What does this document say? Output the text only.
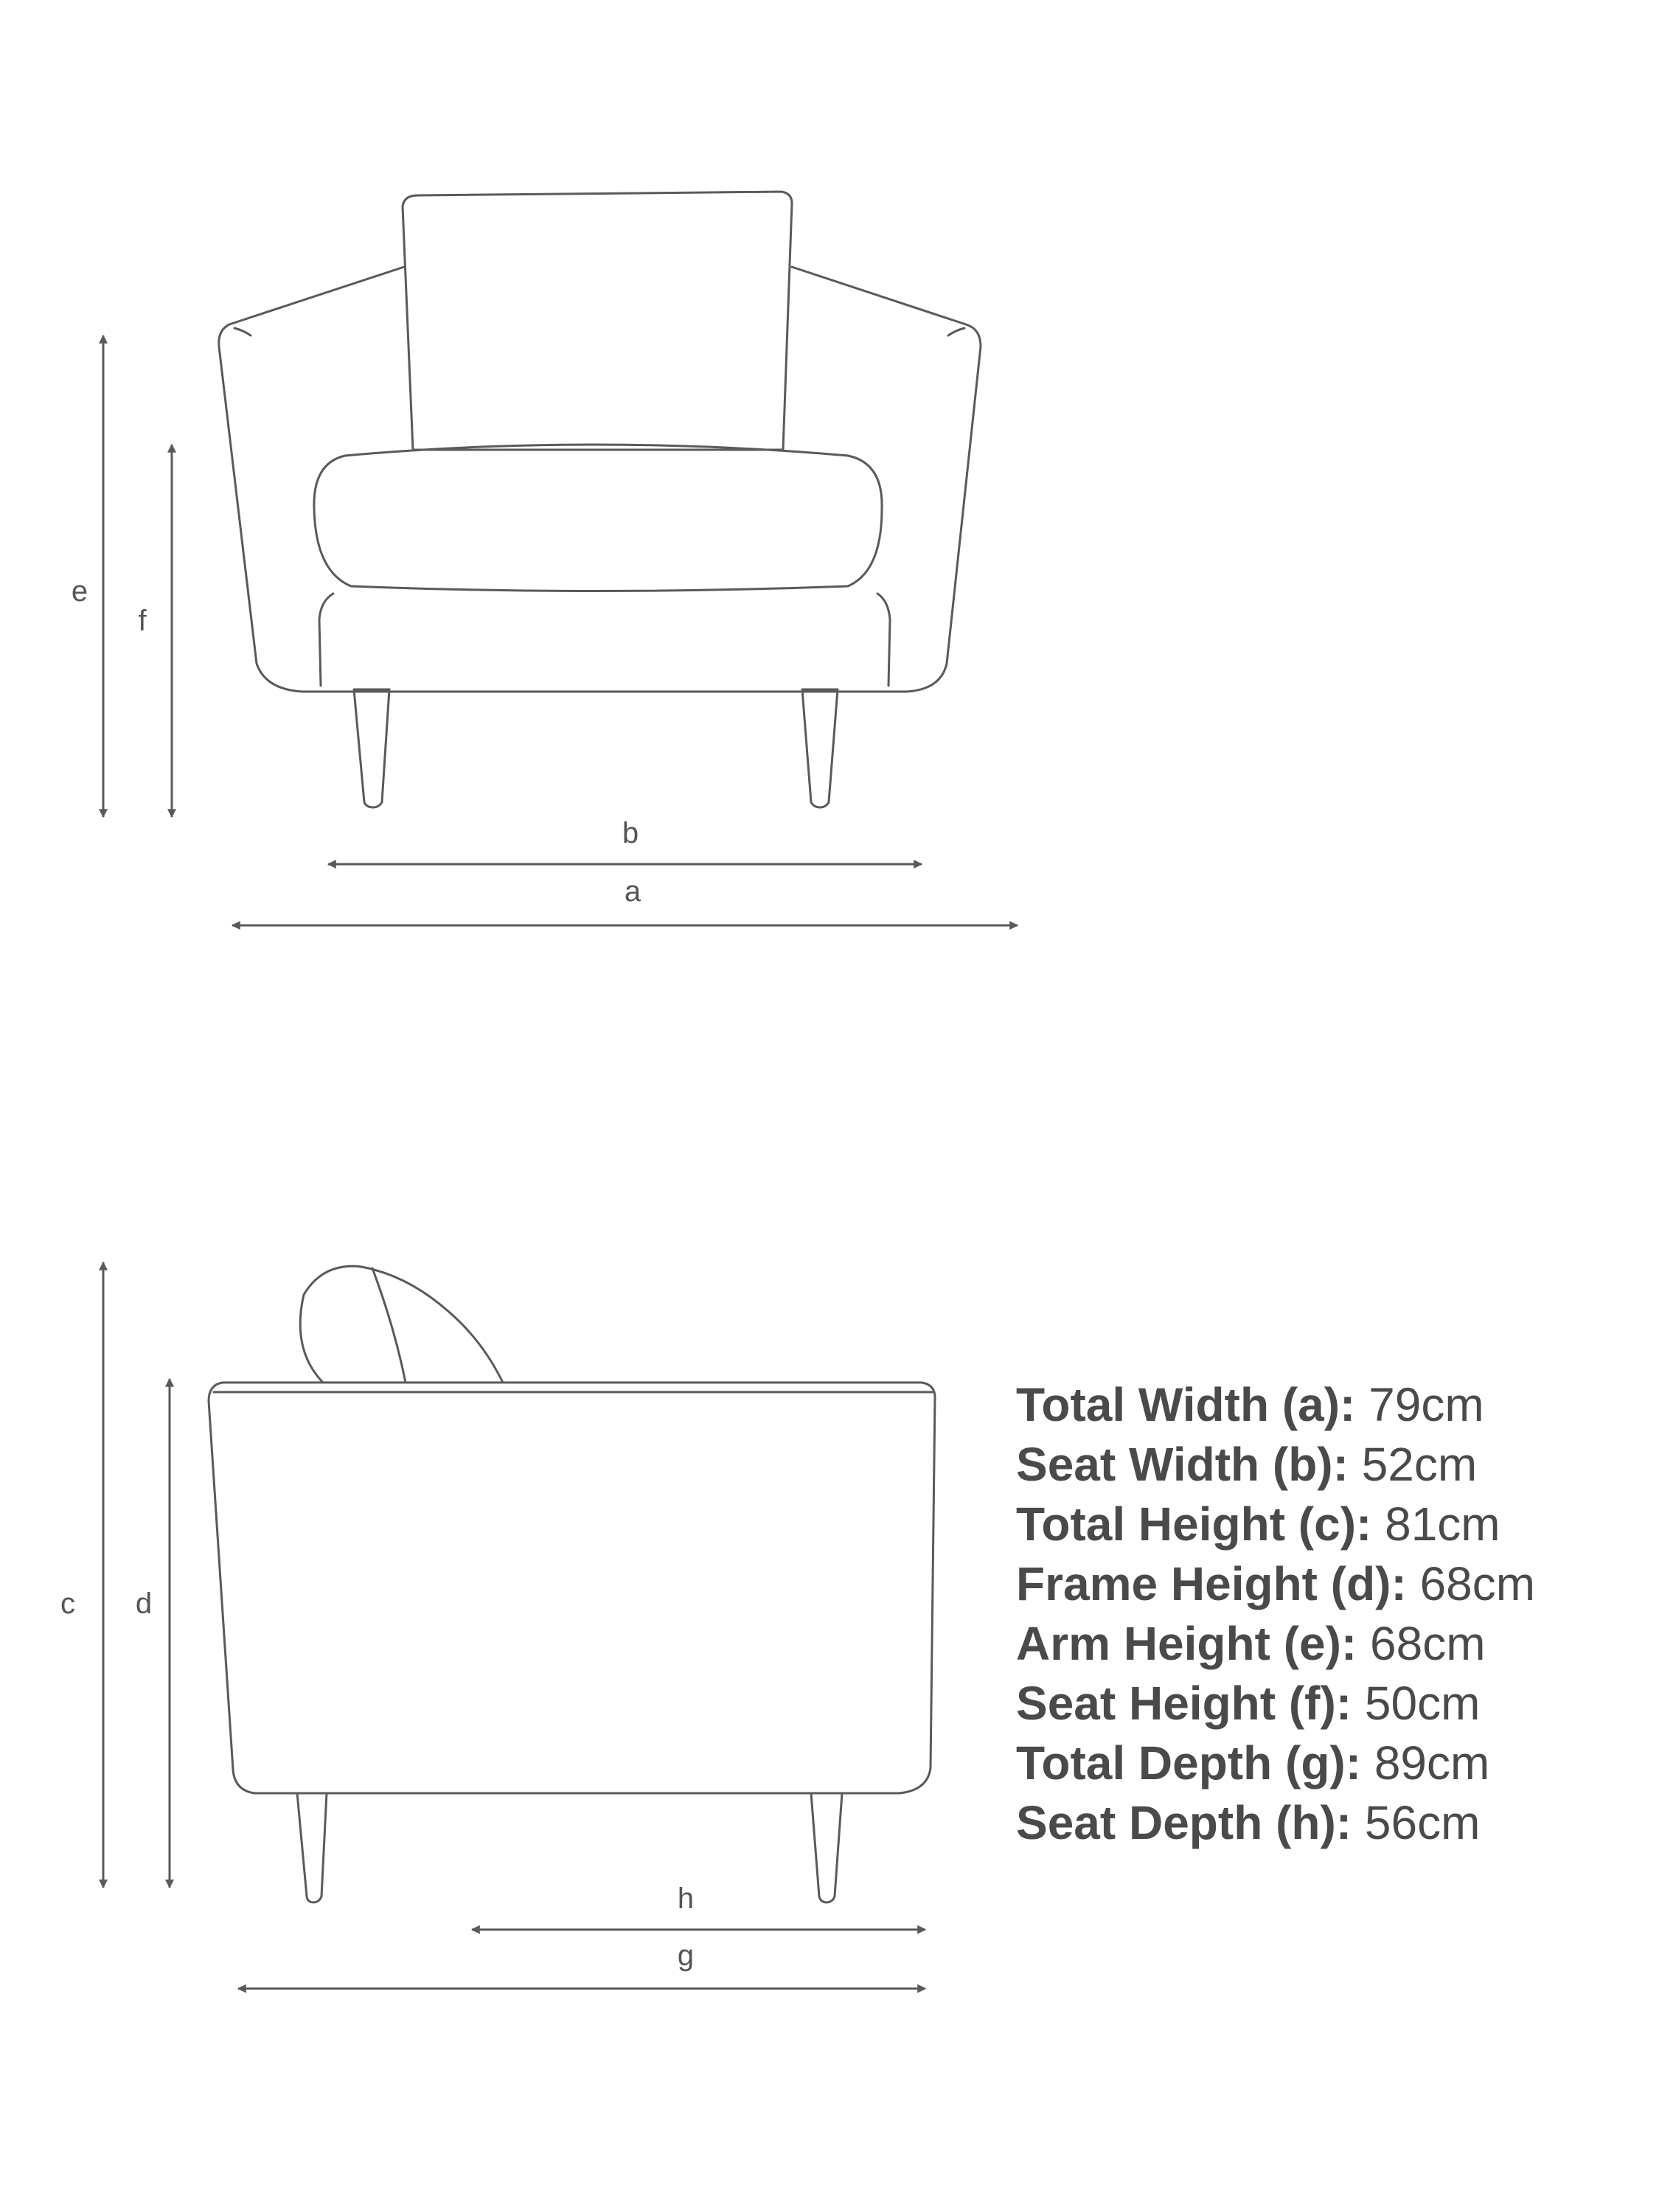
e
f
b
a
c d
h
g
Total Width (a): 79cm
Seat Width (b): 52cm
Total Height (c): 81cm
Frame Height (d): 68cm
Arm Height (e): 68cm
Seat Height (f): 50cm
Total Depth (g): 89cm
Seat Depth (h): 56cm
